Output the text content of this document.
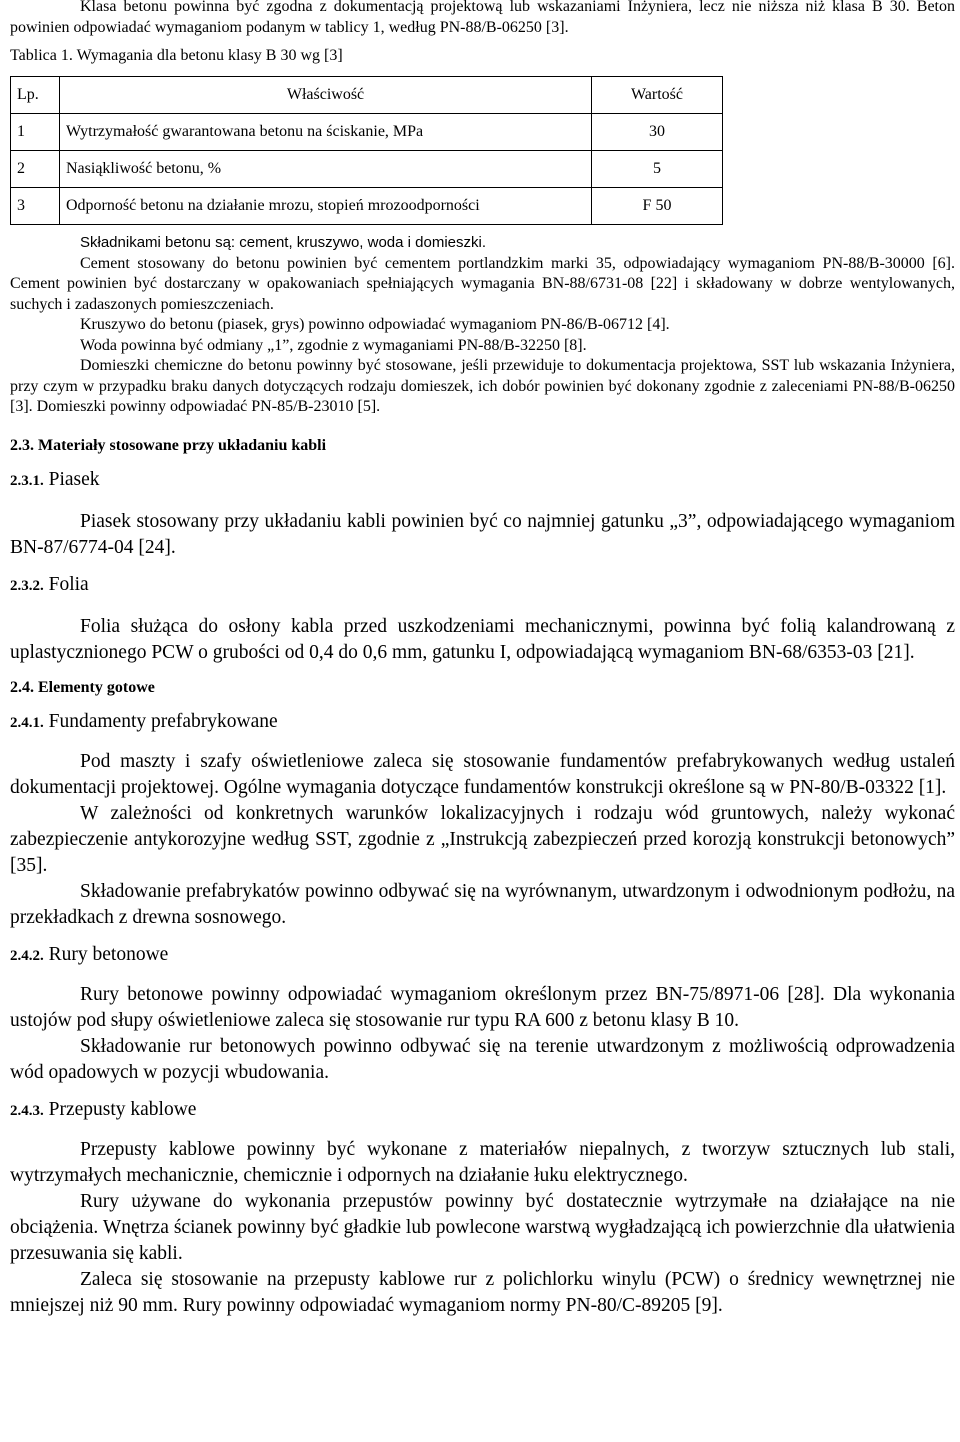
Klasa betonu powinna być zgodna z dokumentacją projektową lub wskazaniami Inżyniera, lecz nie niższa niż klasa B 30. Beton powinien odpowiadać wymaganiom podanym w tablicy 1, według PN-88/B-06250 [3].

Tablica 1. Wymagania dla betonu klasy B 30 wg [3]
Lp.	Właściwość	Wartość
1	Wytrzymałość gwarantowana betonu na ściskanie, MPa	30
2	Nasiąkliwość betonu, %	5
3	Odporność betonu na działanie mrozu, stopień mrozoodporności	F 50

Składnikami betonu są: cement, kruszywo, woda i domieszki.

Cement stosowany do betonu powinien być cementem portlandzkim marki 35, odpowiadający wymaganiom PN-88/B-30000 [6]. Cement powinien być dostarczany w opakowaniach spełniających wymagania BN-88/6731-08 [22] i składowany w dobrze wentylowanych, suchych i zadaszonych pomieszczeniach.

Kruszywo do betonu (piasek, grys) powinno odpowiadać wymaganiom PN-86/B-06712 [4].

Woda powinna być odmiany „1”, zgodnie z wymaganiami PN-88/B-32250 [8].

Domieszki chemiczne do betonu powinny być stosowane, jeśli przewiduje to dokumentacja projektowa, SST lub wskazania Inżyniera, przy czym w przypadku braku danych dotyczących rodzaju domieszek, ich dobór powinien być dokonany zgodnie z zaleceniami PN-88/B-06250 [3]. Domieszki powinny odpowiadać PN-85/B-23010 [5].

2.3. Materiały stosowane przy układaniu kabli
2.3.1. Piasek

Piasek stosowany przy układaniu kabli powinien być co najmniej gatunku „3”, odpowiadającego wymaganiom BN-87/6774-04 [24].

2.3.2. Folia

Folia służąca do osłony kabla przed uszkodzeniami mechanicznymi, powinna być folią kalandrowaną z uplastycznionego PCW o grubości od 0,4 do 0,6 mm, gatunku I, odpowiadającą wymaganiom BN-68/6353-03 [21].

2.4. Elementy gotowe
2.4.1. Fundamenty prefabrykowane

Pod maszty i szafy oświetleniowe zaleca się stosowanie fundamentów prefabrykowanych według ustaleń dokumentacji projektowej. Ogólne wymagania dotyczące fundamentów konstrukcji określone są w PN-80/B-03322 [1].

W zależności od konkretnych warunków lokalizacyjnych i rodzaju wód gruntowych, należy wykonać zabezpieczenie antykorozyjne według SST, zgodnie z „Instrukcją zabezpieczeń przed korozją konstrukcji betonowych” [35].

Składowanie prefabrykatów powinno odbywać się na wyrównanym, utwardzonym i odwodnionym podłożu, na przekładkach z drewna sosnowego.

2.4.2. Rury betonowe

Rury betonowe powinny odpowiadać wymaganiom określonym przez BN-75/8971-06 [28]. Dla wykonania ustojów pod słupy oświetleniowe zaleca się stosowanie rur typu RA 600 z betonu klasy B 10.

Składowanie rur betonowych powinno odbywać się na terenie utwardzonym z możliwością odprowadzenia wód opadowych w pozycji wbudowania.

2.4.3. Przepusty kablowe

Przepusty kablowe powinny być wykonane z materiałów niepalnych, z tworzyw sztucznych lub stali, wytrzymałych mechanicznie, chemicznie i odpornych na działanie łuku elektrycznego.

Rury używane do wykonania przepustów powinny być dostatecznie wytrzymałe na działające na nie obciążenia. Wnętrza ścianek powinny być gładkie lub powlecone warstwą wygładzającą ich powierzchnie dla ułatwienia przesuwania się kabli.

Zaleca się stosowanie na przepusty kablowe rur z polichlorku winylu (PCW) o średnicy wewnętrznej nie mniejszej niż 90 mm. Rury powinny odpowiadać wymaganiom normy PN-80/C-89205 [9].
